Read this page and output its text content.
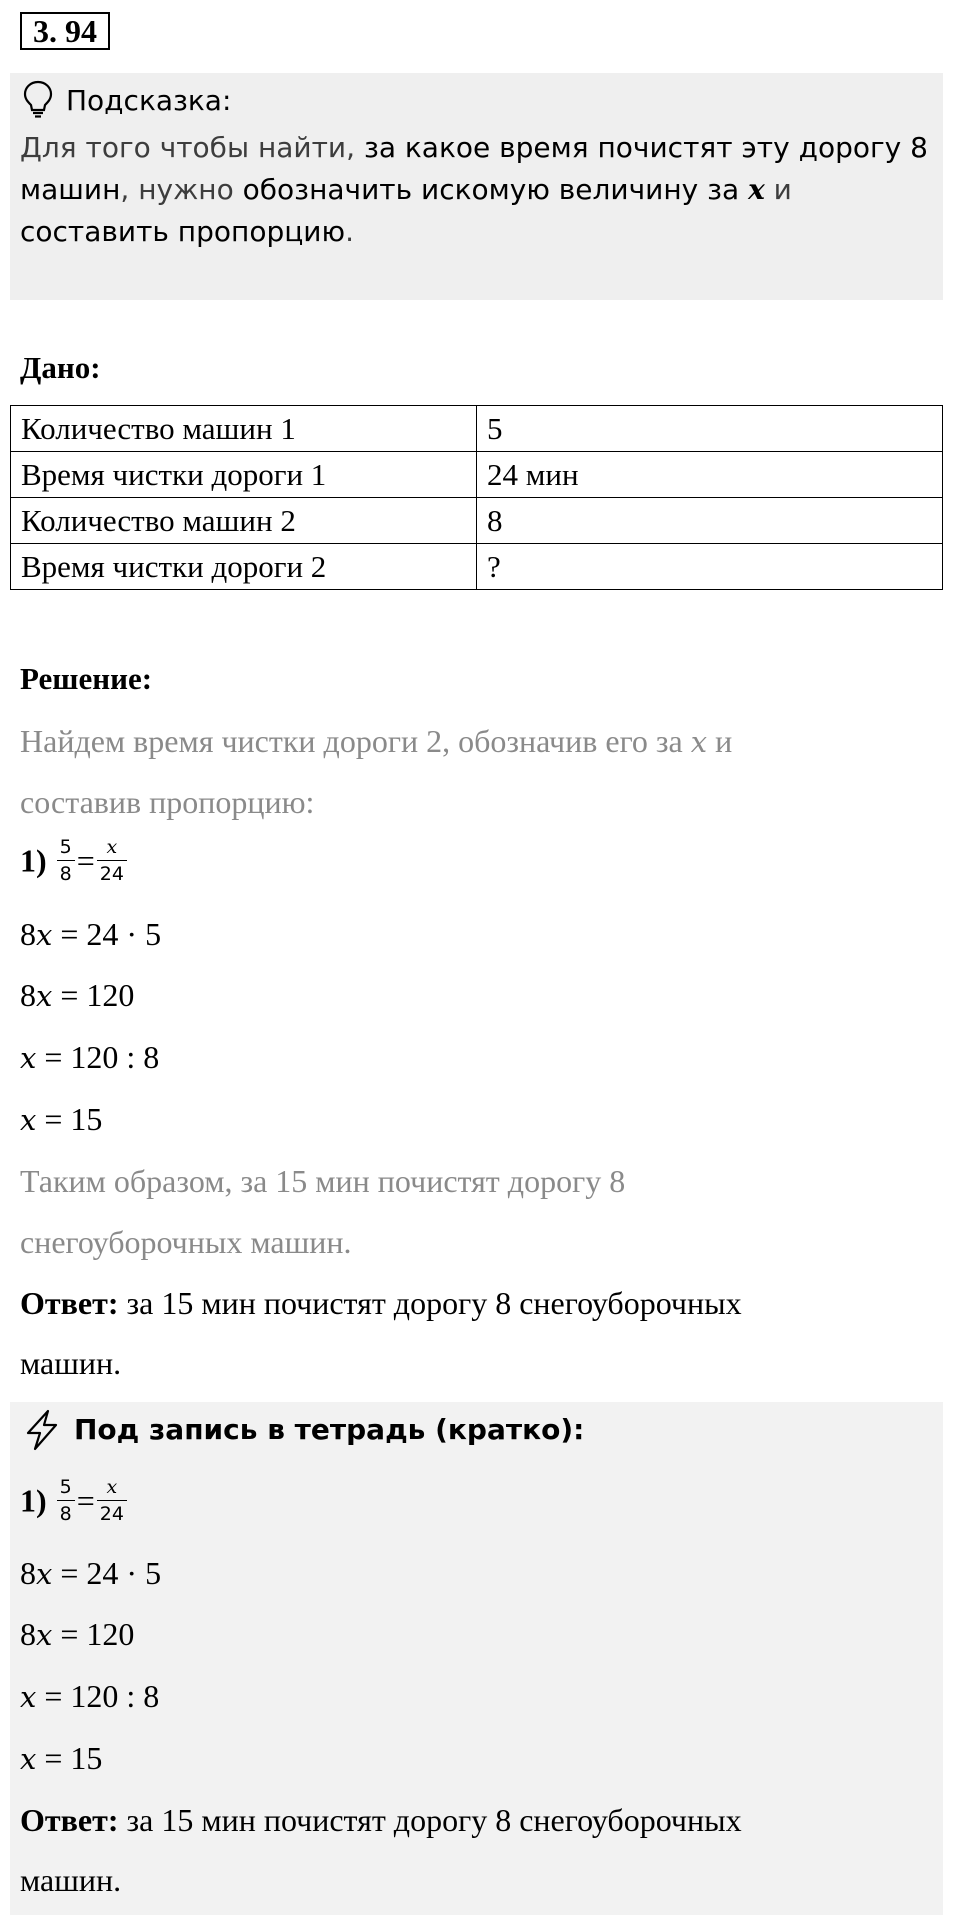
3. 94
Подсказка:
Для того чтобы найти, за какое время почистят эту дорогу 8 машин, нужно обозначить искомую величину за x и составить пропорцию.
Дано:
Количество машин 1	5
Время чистки дороги 1	24 мин
Количество машин 2	8
Время чистки дороги 2	?
Решение:
Найдем время чистки дороги 2, обозначив его за x и
составив пропорцию:
$1) \frac{5}{8} = \frac{x}{24}$
8x = 24 · 5
8x = 120
x = 120 : 8
x = 15
Таким образом, за 15 мин почистят дорогу 8
снегоуборочных машин.
Ответ: за 15 мин почистят дорогу 8 снегоуборочных
машин.
Под запись в тетрадь (кратко):
$1) \frac{5}{8} = \frac{x}{24}$
8x = 24 · 5
8x = 120
x = 120 : 8
x = 15
Ответ: за 15 мин почистят дорогу 8 снегоуборочных
машин.
